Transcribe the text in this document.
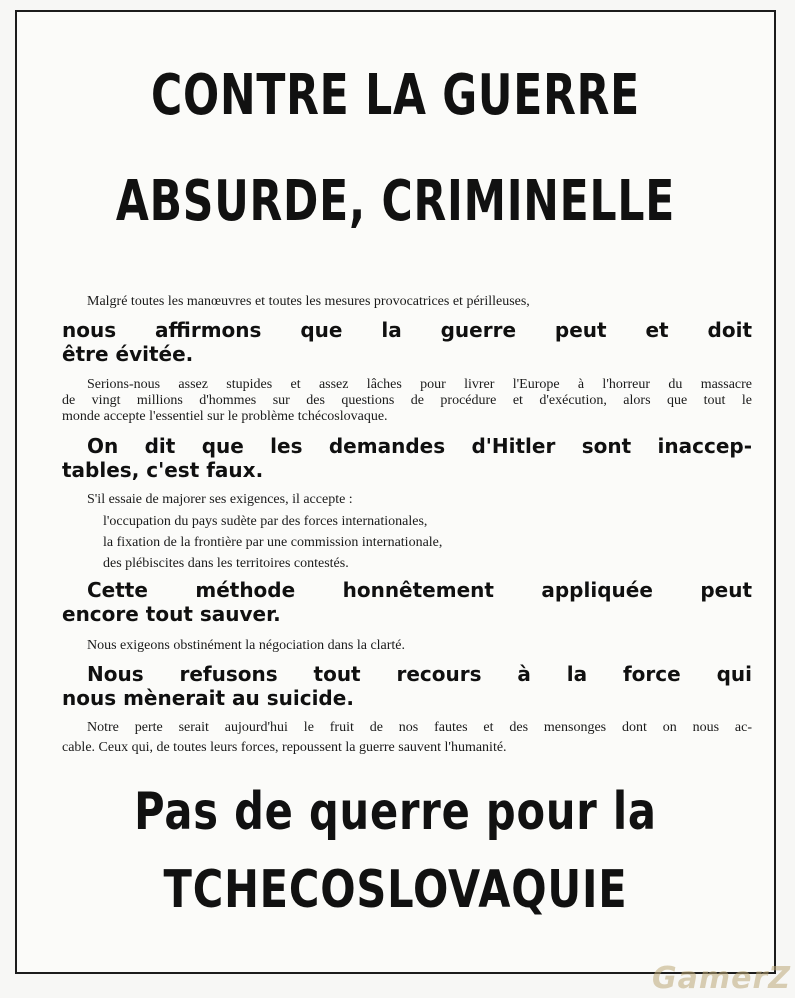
CONTRE LA GUERRE
ABSURDE, CRIMINELLE
Malgré toutes les manœuvres et toutes les mesures provocatrices et périlleuses,
nous affirmons que la guerre peut et doit
être évitée.
Serions-nous assez stupides et assez lâches pour livrer l'Europe à l'horreur du massacre
de vingt millions d'hommes sur des questions de procédure et d'exécution, alors que tout le
monde accepte l'essentiel sur le problème tchécoslovaque.
On dit que les demandes d'Hitler sont inaccep-
tables, c'est faux.
S'il essaie de majorer ses exigences, il accepte :
l'occupation du pays sudète par des forces internationales,
la fixation de la frontière par une commission internationale,
des plébiscites dans les territoires contestés.
Cette méthode honnêtement appliquée peut
encore tout sauver.
Nous exigeons obstinément la négociation dans la clarté.
Nous refusons tout recours à la force qui
nous mènerait au suicide.
Notre perte serait aujourd'hui le fruit de nos fautes et des mensonges dont on nous ac-
cable. Ceux qui, de toutes leurs forces, repoussent la guerre sauvent l'humanité.
Pas de querre pour la
TCHECOSLOVAQUIE
GamerZ
